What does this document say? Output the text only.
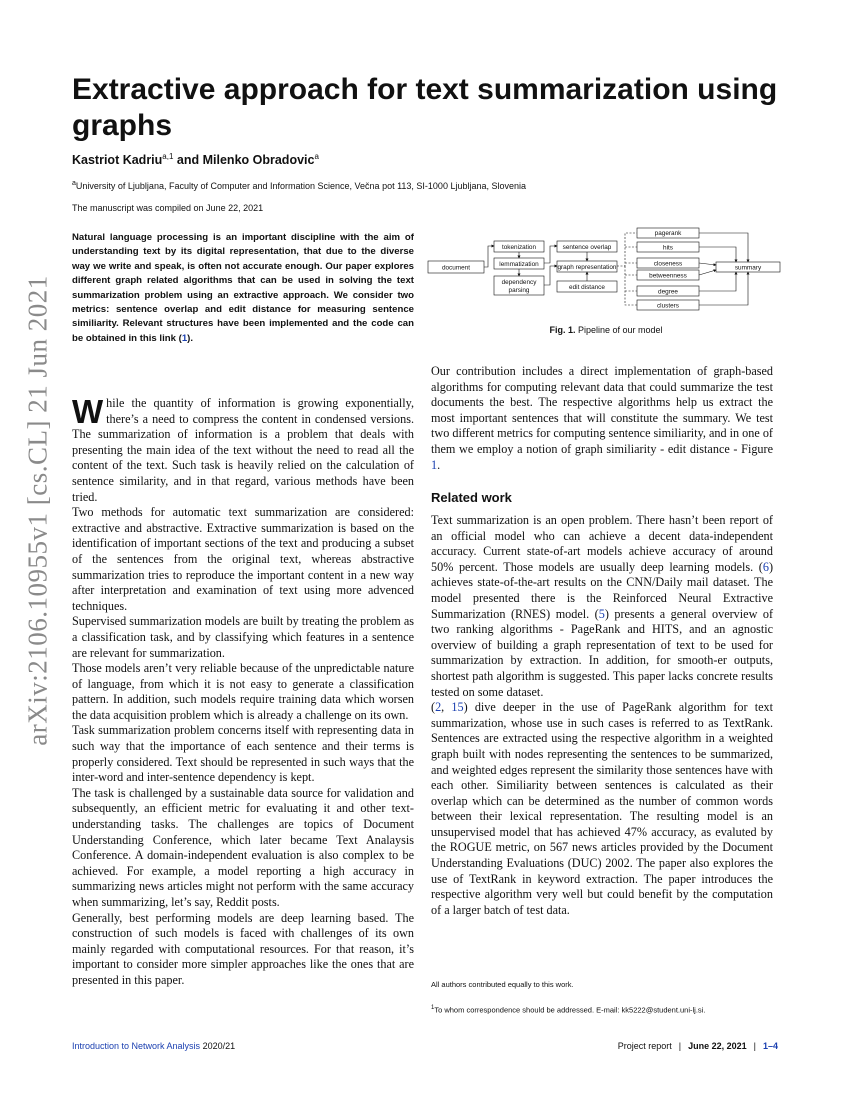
arXiv:2106.10955v1 [cs.CL] 21 Jun 2021
Extractive approach for text summarization using graphs
Kastriot Kadriu$^{a,1}$ and Milenko Obradovic$^a$
$^a$University of Ljubljana, Faculty of Computer and Information Science, Večna pot 113, SI-1000 Ljubljana, Slovenia
The manuscript was compiled on June 22, 2021

Natural language processing is an important discipline with the aim of understanding text by its digital representation, that due to the diverse way we write and speak, is often not accurate enough. Our paper explores different graph related algorithms that can be used in solving the text summarization problem using an extractive approach. We consider two metrics: sentence overlap and edit distance for measuring sentence similiarity. Relevant structures have been implemented and the code can be obtained in this link (1).

document
tokenization
lemmatization
dependency
parsing
sentence overlap
graph representation
edit distance
pagerank
hits
closeness
betweenness
degree
clusters
summary
Fig. 1. Pipeline of our model

While the quantity of information is growing exponentially, there’s a need to compress the content in condensed versions. The summarization of information is a problem that deals with presenting the main idea of the text without the need to read all the content of the text. Such task is heavily relied on the calculation of sentence similarity, and in that regard, various methods have been tried.

Two methods for automatic text summarization are considered: extractive and abstractive. Extractive summarization is based on the identification of important sections of the text and producing a subset of the sentences from the original text, whereas abstractive summarization tries to reproduce the important content in a new way after interpretation and examination of text using more advenced techniques.

Supervised summarization models are built by treating the problem as a classification task, and by classifying which features in a sentence are relevant for summarization.

Those models aren’t very reliable because of the unpredictable nature of language, from which it is not easy to generate a classification pattern. In addition, such models require training data which worsen the data acquisition problem which is already a challenge on its own.

Task summarization problem concerns itself with representing data in such way that the importance of each sentence and their terms is properly considered. Text should be represented in such ways that the inter-word and inter-sentence dependency is kept.

The task is challenged by a sustainable data source for validation and subsequently, an efficient metric for evaluating it and other text-understanding tasks. The challenges are topics of Document Understanding Conference, which later became Text Analaysis Conference. A domain-independent evaluation is also complex to be achieved. For example, a model reporting a high accuracy in summarizing news articles might not perform with the same accuracy when summarizing, let’s say, Reddit posts.

Generally, best performing models are deep learning based. The construction of such models is faced with challenges of its own mainly regarded with computational resources. For that reason, it’s important to consider more simpler approaches like the ones that are presented in this paper.

Our contribution includes a direct implementation of graph-based algorithms for computing relevant data that could summarize the test documents the best. The respective algorithms help us extract the most important sentences that will constitute the summary. We test two different metrics for computing sentence similiarity, and in one of them we employ a notion of graph similiarity - edit distance - Figure 1.

Related work

Text summarization is an open problem. There hasn’t been report of an official model who can achieve a decent data-independent accuracy. Current state-of-art models achieve accuracy of around 50% percent. Those models are usually deep learning models. (6) achieves state-of-the-art results on the CNN/Daily mail dataset. The model presented there is the Reinforced Neural Extractive Summarization (RNES) model. (5) presents a general overview of two ranking algorithms - PageRank and HITS, and an agnostic overview of building a graph representation of text to be used for summarization by extraction. In addition, for smooth-er outputs, shortest path algorithm is suggested. This paper lacks concrete results tested on some dataset.

(2, 15) dive deeper in the use of PageRank algorithm for text summarization, whose use in such cases is referred to as TextRank. Sentences are extracted using the respective algorithm in a weighted graph built with nodes representing the sentences to be summarized, and weighted edges represent the similarity those sentences have with each other. Similiarity between sentences is calculated as their overlap which can be determined as the number of common words between their lexical representation. The resulting model is an unsupervised model that has achieved 47% accuracy, as evaluted by the ROGUE metric, on 567 news articles provided by the Document Understanding Evaluations (DUC) 2002. The paper also explores the use of TextRank in keyword extraction. The paper introduces the respective algorithm very well but could benefit by the computation of a larger batch of test data.

All authors contributed equally to this work.
$^1$To whom correspondence should be addressed. E-mail: kk5222@student.uni-lj.si.
Introduction to Network Analysis 2020/21	Project report | June 22, 2021 | 1–4
